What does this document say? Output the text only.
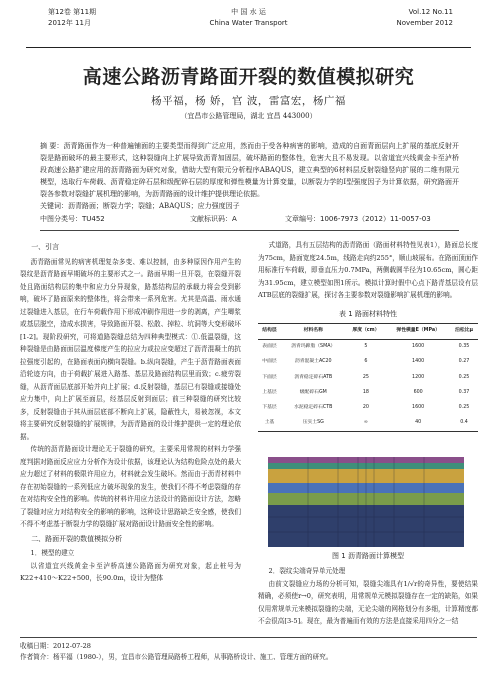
第12卷 第11期
2012年 11月
中 国 水 运
China Water Transport
Vol.12 No.11
November 2012
高速公路沥青路面开裂的数值模拟研究
杨平福，杨 娇，官 波，雷富宏，杨广福
（宜昌市公路管理局，湖北 宜昌 443000）
摘 要：沥青路面作为一种普遍铺面的主要类型而得到广泛应用，然而由于受各种病害的影响，造成的自面青面层向上扩展的基底反射开裂是路面破坏的最主要形式，这种裂缝向上扩展导致沥青加固层，破坏路面的整体性，危害大且不易发现。以省道宜兴线黄金卡至泸桥段高速公路扩建应用的沥青路面为研究对象，借助大型有限元分析程序ABAQUS，建立典型的6材料层反射裂缝竖向扩展的二维有限元模型，选取行车荷载、沥青稳定碎石层和级配碎石层的厚度和弹性模量为计算变量，以断裂力学的I型强度因子为计算依据，研究路面开裂各参数对裂缝扩展机理的影响，为沥青路面的设计维护提供理论依据。
关键词：沥青路面；断裂力学；裂缝；ABAQUS；应力强度因子
中图分类号：TU452	文献标识码：A	文章编号：1006-7973（2012）11-0057-03
一、引言

沥青路面常见的病害机理复杂多变、难以控制，由多种原因作用产生的裂纹是沥青路面早期破坏的主要形式之一。路面早期一旦开裂，在裂缝开裂处且路面结构层的集中和应力分异现象，路基结构层的承载力将会受到影响，破坏了路面原来的整体性，将会带来一系列危害。尤其是高温、雨水通过裂缝进入基层，在行车荷载作用下形成冲刷作用进一步的剥离，产生唧浆或基层脱空，造成水损害，导致路面开裂、松散、掉粒、坑洞等大变形破坏[1-2]。现阶段研究，可将道路裂缝总结为四种典型模式：①.低温裂缝，这种裂缝是由路面面层温度梯度产生的拉应力或拉应变超过了沥青混凝土的抗拉强度引起的，在路面表面向横向裂缝。b.纵向裂缝，产生于沥青路面表面沿轮迹方向，由于荷载扩展进入路基、基层及路面结构层里而致；c.疲劳裂缝，从沥青面层底部开始并向上扩展；d.反射裂缝，基层已有裂缝或接缝处应力集中，向上扩展至面层，经基层反射到面层；前三种裂缝的研究比较多，反射裂缝由于其从面层底部不断向上扩展，隐蔽性大，易被忽视，本文将主要研究反射裂缝的扩展规律，为沥青路面的设计维护提供一定的理论依据。

传统的沥青路面设计理论无于裂缝的研究，主要采用常规的材料力学强度判据对路面反应应力分析作为设计依据，该理论认为结构危险点处的最大应力超过了材料的极限许用应力，材料就会发生破坏。然而由于沥青材料中存在初始裂缝的一系列低应力破坏现象的发生，使我们不得不考虑裂缝的存在对结构安全性的影响。传统的材料许用应力法设计的路面设计方法，忽略了裂缝对应力对结构安全的影响的影响，这种设计思路缺乏安全感，使我们不得不考虑基于断裂力学的裂缝扩展对路面设计路面安全性的影响。

二、路面开裂的数值模拟分析
1．模型的建立

以省道宜兴线黄金卡至泸桥高速公路路面为研究对象，起止桩号为K22+410～K22+500，长90.0m，设计为整体

式道路，具有五层结构的沥青路面（路面材料特性见表1），路面总长度为75cm，路面宽度24.5m，线路走向约255°，顺山坡展布。在路面顶面作用标准行车荷载，即垂直压力0.7MPa，两侧载圆半径为10.65cm，圆心距为31.95cm，建立模型如图1所示。模拟计算时假中心点下路青基层设有层ATB层底的裂缝扩展，探讨各主要参数对裂缝影响扩展机理的影响。

表 1 路面材料特性
结构层	材料名称	厚度（cm）	弹性模量E（MPa）	泊松比μ
表面层	沥青玛蹄脂（SMA）	5	1600	0.35
中面层	沥青混凝土AC20	6	1400	0.27
下面层	沥青稳定碎石ATB	25	1200	0.25
上基层	级配碎石GM	18	600	0.37
下基层	水泥稳定碎石CTB	20	1600	0.25
土基	压实土SG	∞	40	0.4
图 1 沥青路面计算模型
2．裂纹尖端奇异单元处理

由前文裂缝应力场的分析可知，裂缝尖端具有1/√r的奇异性，要使结果精确，必须使r→0，研究表明，用常规单元模拟裂缝存在一定的缺陷，如果仅用常规单元来模拟裂缝的尖端，无论尖端的网格划分有多细，计算精度都不会很高[3-5]。现在，最为普遍而有效的方法是直接采用四分之一结

收稿日期：2012-07-28
作者简介：杨平福（1980-），男，宜昌市公路管理局路桥工程师，从事路桥设计、施工、管理方面的研究。
